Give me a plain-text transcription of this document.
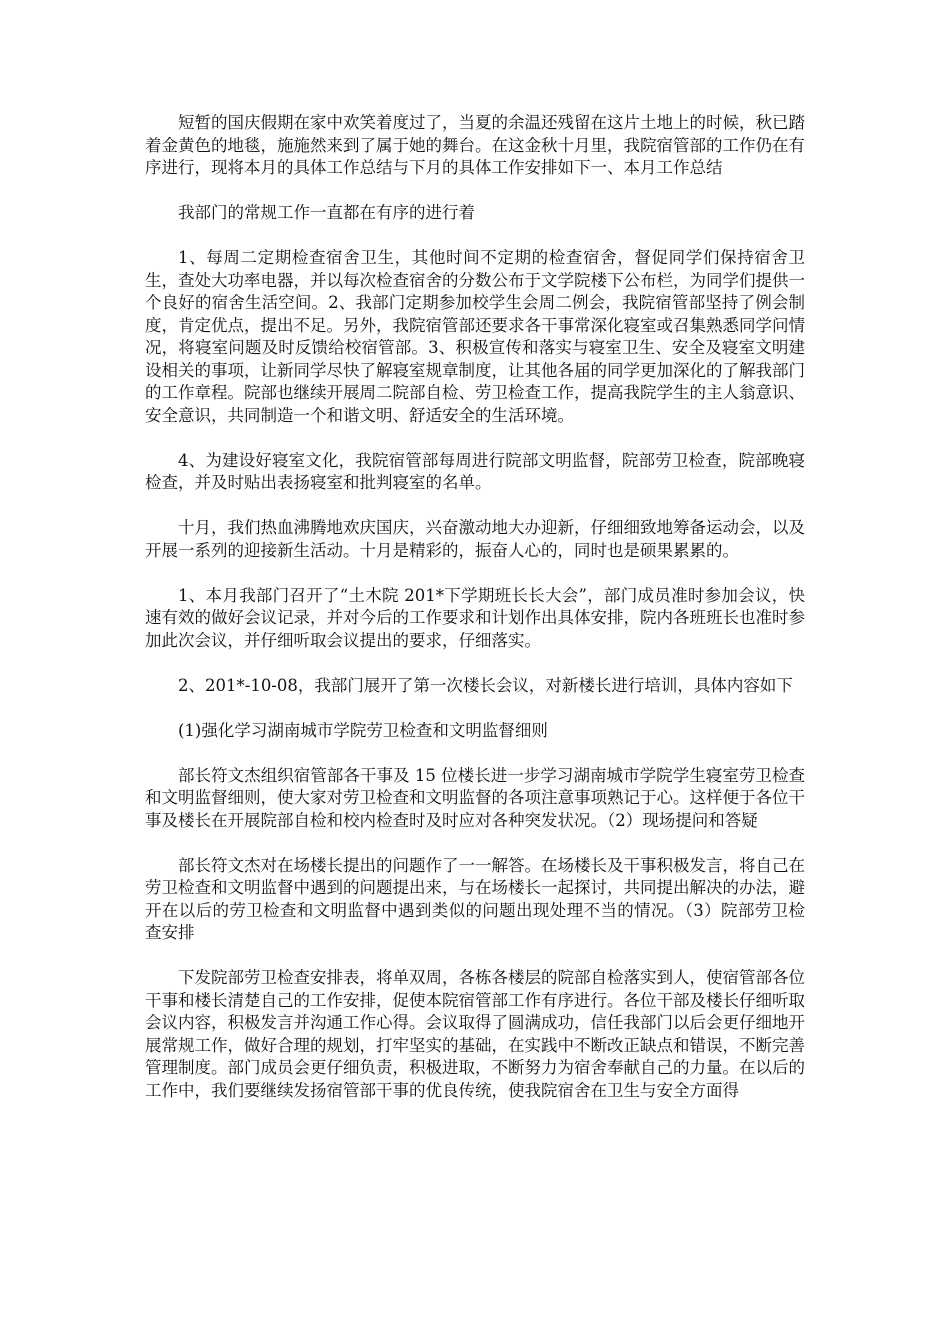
短暂的国庆假期在家中欢笑着度过了，当夏的余温还残留在这片土地上的时候，秋已踏着金黄色的地毯，施施然来到了属于她的舞台。在这金秋十月里，我院宿管部的工作仍在有序进行，现将本月的具体工作总结与下月的具体工作安排如下一、本月工作总结

我部门的常规工作一直都在有序的进行着

1、每周二定期检查宿舍卫生，其他时间不定期的检查宿舍，督促同学们保持宿舍卫生，查处大功率电器，并以每次检查宿舍的分数公布于文学院楼下公布栏，为同学们提供一个良好的宿舍生活空间。2、我部门定期参加校学生会周二例会，我院宿管部坚持了例会制度，肯定优点，提出不足。另外，我院宿管部还要求各干事常深化寝室或召集熟悉同学问情况，将寝室问题及时反馈给校宿管部。3、积极宣传和落实与寝室卫生、安全及寝室文明建设相关的事项，让新同学尽快了解寝室规章制度，让其他各届的同学更加深化的了解我部门的工作章程。院部也继续开展周二院部自检、劳卫检查工作，提高我院学生的主人翁意识、安全意识，共同制造一个和谐文明、舒适安全的生活环境。

4、为建设好寝室文化，我院宿管部每周进行院部文明监督，院部劳卫检查，院部晚寝检查，并及时贴出表扬寝室和批判寝室的名单。

十月，我们热血沸腾地欢庆国庆，兴奋激动地大办迎新，仔细细致地筹备运动会，以及开展一系列的迎接新生活动。十月是精彩的，振奋人心的，同时也是硕果累累的。

1、本月我部门召开了“土木院 201*下学期班长长大会”，部门成员准时参加会议，快速有效的做好会议记录，并对今后的工作要求和计划作出具体安排，院内各班班长也准时参加此次会议，并仔细听取会议提出的要求，仔细落实。

2、201*-10-08，我部门展开了第一次楼长会议，对新楼长进行培训，具体内容如下

(1)强化学习湖南城市学院劳卫检查和文明监督细则

部长符文杰组织宿管部各干事及 15 位楼长进一步学习湖南城市学院学生寝室劳卫检查和文明监督细则，使大家对劳卫检查和文明监督的各项注意事项熟记于心。这样便于各位干事及楼长在开展院部自检和校内检查时及时应对各种突发状况。（2）现场提问和答疑

部长符文杰对在场楼长提出的问题作了一一解答。在场楼长及干事积极发言，将自己在劳卫检查和文明监督中遇到的问题提出来，与在场楼长一起探讨，共同提出解决的办法，避开在以后的劳卫检查和文明监督中遇到类似的问题出现处理不当的情况。（3）院部劳卫检查安排

下发院部劳卫检查安排表，将单双周，各栋各楼层的院部自检落实到人，使宿管部各位干事和楼长清楚自己的工作安排，促使本院宿管部工作有序进行。各位干部及楼长仔细听取会议内容，积极发言并沟通工作心得。会议取得了圆满成功，信任我部门以后会更仔细地开展常规工作，做好合理的规划，打牢坚实的基础，在实践中不断改正缺点和错误，不断完善管理制度。部门成员会更仔细负责，积极进取，不断努力为宿舍奉献自己的力量。在以后的工作中，我们要继续发扬宿管部干事的优良传统，使我院宿舍在卫生与安全方面得
